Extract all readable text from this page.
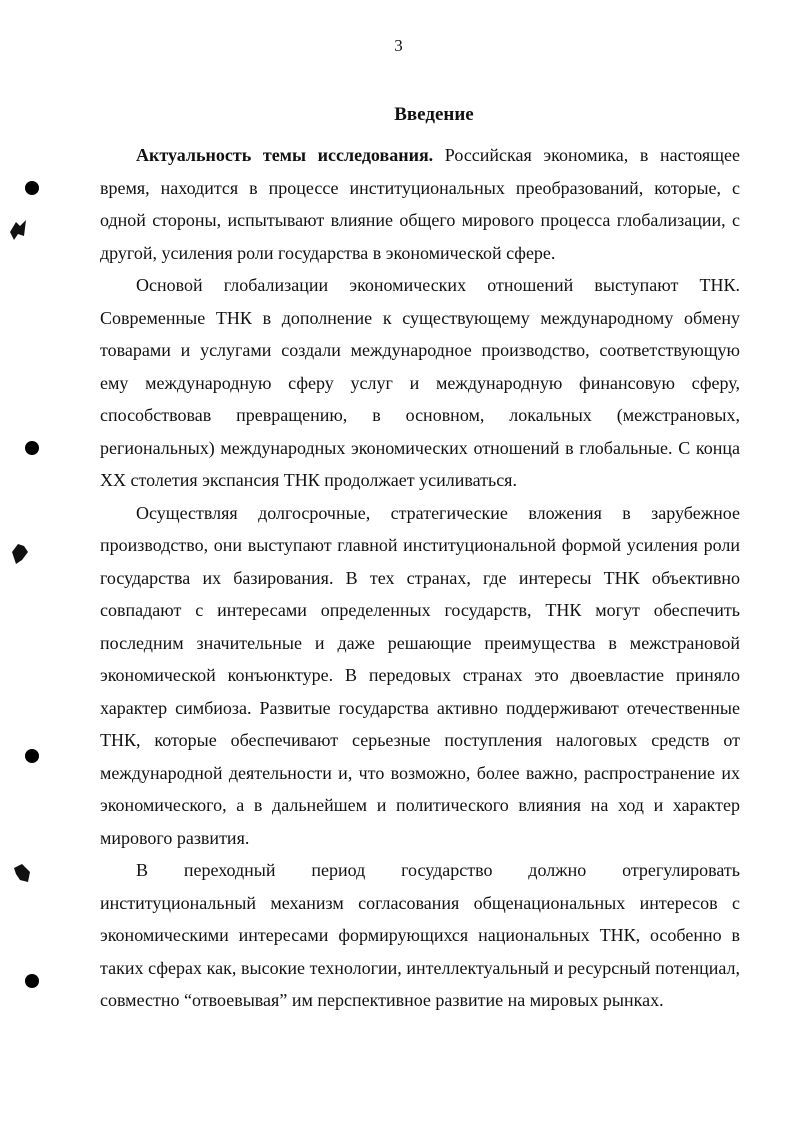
3
Введение

Актуальность темы исследования. Российская экономика, в настоящее время, находится в процессе институциональных преобразований, которые, с одной стороны, испытывают влияние общего мирового процесса глобализации, с другой, усиления роли государства в экономической сфере.

Основой глобализации экономических отношений выступают ТНК. Современные ТНК в дополнение к существующему международному обмену товарами и услугами создали международное производство, соответствующую ему международную сферу услуг и международную финансовую сферу, способствовав превращению, в основном, локальных (межстрановых, региональных) международных экономических отношений в глобальные. С конца XX столетия экспансия ТНК продолжает усиливаться.

Осуществляя долгосрочные, стратегические вложения в зарубежное производство, они выступают главной институциональной формой усиления роли государства их базирования. В тех странах, где интересы ТНК объективно совпадают с интересами определенных государств, ТНК могут обеспечить последним значительные и даже решающие преимущества в межстрановой экономической конъюнктуре. В передовых странах это двоевластие приняло характер симбиоза. Развитые государства активно поддерживают отечественные ТНК, которые обеспечивают серьезные поступления налоговых средств от международной деятельности и, что возможно, более важно, распространение их экономического, а в дальнейшем и политического влияния на ход и характер мирового развития.

В переходный период государство должно отрегулировать институциональный механизм согласования общенациональных интересов с экономическими интересами формирующихся национальных ТНК, особенно в таких сферах как, высокие технологии, интеллектуальный и ресурсный потенциал, совместно “отвоевывая” им перспективное развитие на мировых рынках.
